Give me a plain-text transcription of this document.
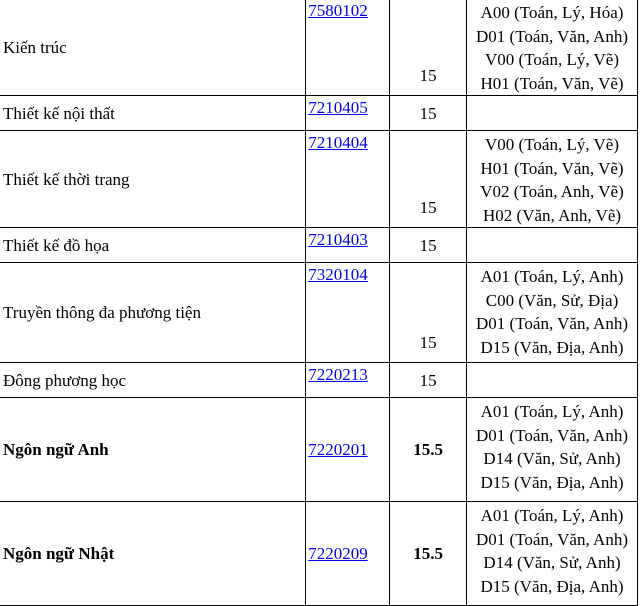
Kiến trúc	7580102	15	A00 (Toán, Lý, Hóa)
D01 (Toán, Văn, Anh)
V00 (Toán, Lý, Vẽ)
H01 (Toán, Văn, Vẽ)

Thiết kế nội thất	7210405	15	
Thiết kế thời trang	7210404	15	V00 (Toán, Lý, Vẽ)
H01 (Toán, Văn, Vẽ)
V02 (Toán, Anh, Vẽ)
H02 (Văn, Anh, Vẽ)

Thiết kế đồ họa	7210403	15	
Truyền thông đa phương tiện	7320104	15	A01 (Toán, Lý, Anh)
C00 (Văn, Sử, Địa)
D01 (Toán, Văn, Anh)
D15 (Văn, Địa, Anh)

Đông phương học	7220213	15	
Ngôn ngữ Anh	7220201	15.5	A01 (Toán, Lý, Anh)
D01 (Toán, Văn, Anh)
D14 (Văn, Sử, Anh)
D15 (Văn, Địa, Anh)

Ngôn ngữ Nhật	7220209	15.5	A01 (Toán, Lý, Anh)
D01 (Toán, Văn, Anh)
D14 (Văn, Sử, Anh)
D15 (Văn, Địa, Anh)
